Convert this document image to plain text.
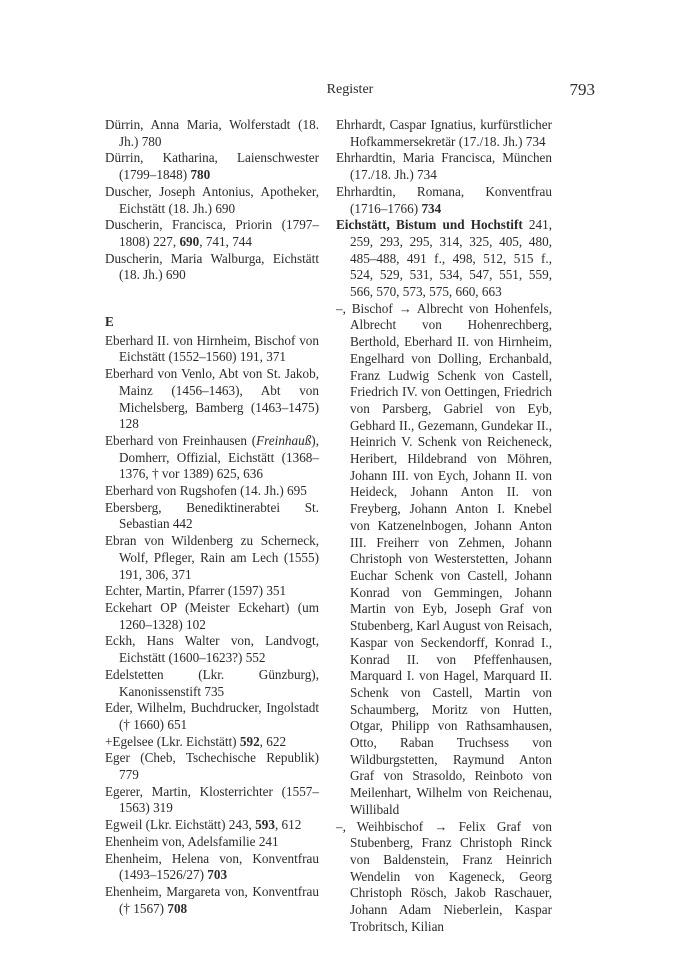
Register	793

Dürrin, Anna Maria, Wolferstadt (18. Jh.) 780

Dürrin, Katharina, Laienschwester (1799–1848) 780

Duscher, Joseph Antonius, Apotheker, Eichstätt (18. Jh.) 690

Duscherin, Francisca, Priorin (1797–1808) 227, 690, 741, 744

Duscherin, Maria Walburga, Eichstätt (18. Jh.) 690

E

Eberhard II. von Hirnheim, Bischof von Eichstätt (1552–1560) 191, 371

Eberhard von Venlo, Abt von St. Jakob, Mainz (1456–1463), Abt von Michelsberg, Bamberg (1463–1475) 128

Eberhard von Freinhausen (Freinhauß), Domherr, Offizial, Eichstätt (1368–1376, † vor 1389) 625, 636

Eberhard von Rugshofen (14. Jh.) 695

Ebersberg, Benediktinerabtei St. Sebastian 442

Ebran von Wildenberg zu Scherneck, Wolf, Pfleger, Rain am Lech (1555) 191, 306, 371

Echter, Martin, Pfarrer (1597) 351

Eckehart OP (Meister Eckehart) (um 1260–1328) 102

Eckh, Hans Walter von, Landvogt, Eichstätt (1600–1623?) 552

Edelstetten (Lkr. Günzburg), Kanonissenstift 735

Eder, Wilhelm, Buchdrucker, Ingolstadt († 1660) 651

+Egelsee (Lkr. Eichstätt) 592, 622

Eger (Cheb, Tschechische Republik) 779

Egerer, Martin, Klosterrichter (1557–1563) 319

Egweil (Lkr. Eichstätt) 243, 593, 612

Ehenheim von, Adelsfamilie 241

Ehenheim, Helena von, Konventfrau (1493–1526/27) 703

Ehenheim, Margareta von, Konventfrau († 1567) 708

Ehrhardt, Caspar Ignatius, kurfürstlicher Hofkammersekretär (17./18. Jh.) 734

Ehrhardtin, Maria Francisca, München (17./18. Jh.) 734

Ehrhardtin, Romana, Konventfrau (1716–1766) 734

Eichstätt, Bistum und Hochstift 241, 259, 293, 295, 314, 325, 405, 480, 485–488, 491 f., 498, 512, 515 f., 524, 529, 531, 534, 547, 551, 559, 566, 570, 573, 575, 660, 663

–, Bischof → Albrecht von Hohenfels, Albrecht von Hohenrechberg, Berthold, Eberhard II. von Hirnheim, Engelhard von Dolling, Erchanbald, Franz Ludwig Schenk von Castell, Friedrich IV. von Oettingen, Friedrich von Parsberg, Gabriel von Eyb, Gebhard II., Gezemann, Gundekar II., Heinrich V. Schenk von Reicheneck, Heribert, Hildebrand von Möhren, Johann III. von Eych, Johann II. von Heideck, Johann Anton II. von Freyberg, Johann Anton I. Knebel von Katzenelnbogen, Johann Anton III. Freiherr von Zehmen, Johann Christoph von Westerstetten, Johann Euchar Schenk von Castell, Johann Konrad von Gemmingen, Johann Martin von Eyb, Joseph Graf von Stubenberg, Karl August von Reisach, Kaspar von Seckendorff, Konrad I., Konrad II. von Pfeffenhausen, Marquard I. von Hagel, Marquard II. Schenk von Castell, Martin von Schaumberg, Moritz von Hutten, Otgar, Philipp von Rathsamhausen, Otto, Raban Truchsess von Wildburgstetten, Raymund Anton Graf von Strasoldo, Reinboto von Meilenhart, Wilhelm von Reichenau, Willibald

–, Weihbischof → Felix Graf von Stubenberg, Franz Christoph Rinck von Baldenstein, Franz Heinrich Wendelin von Kageneck, Georg Christoph Rösch, Jakob Raschauer, Johann Adam Nieberlein, Kaspar Trobritsch, Kilian
